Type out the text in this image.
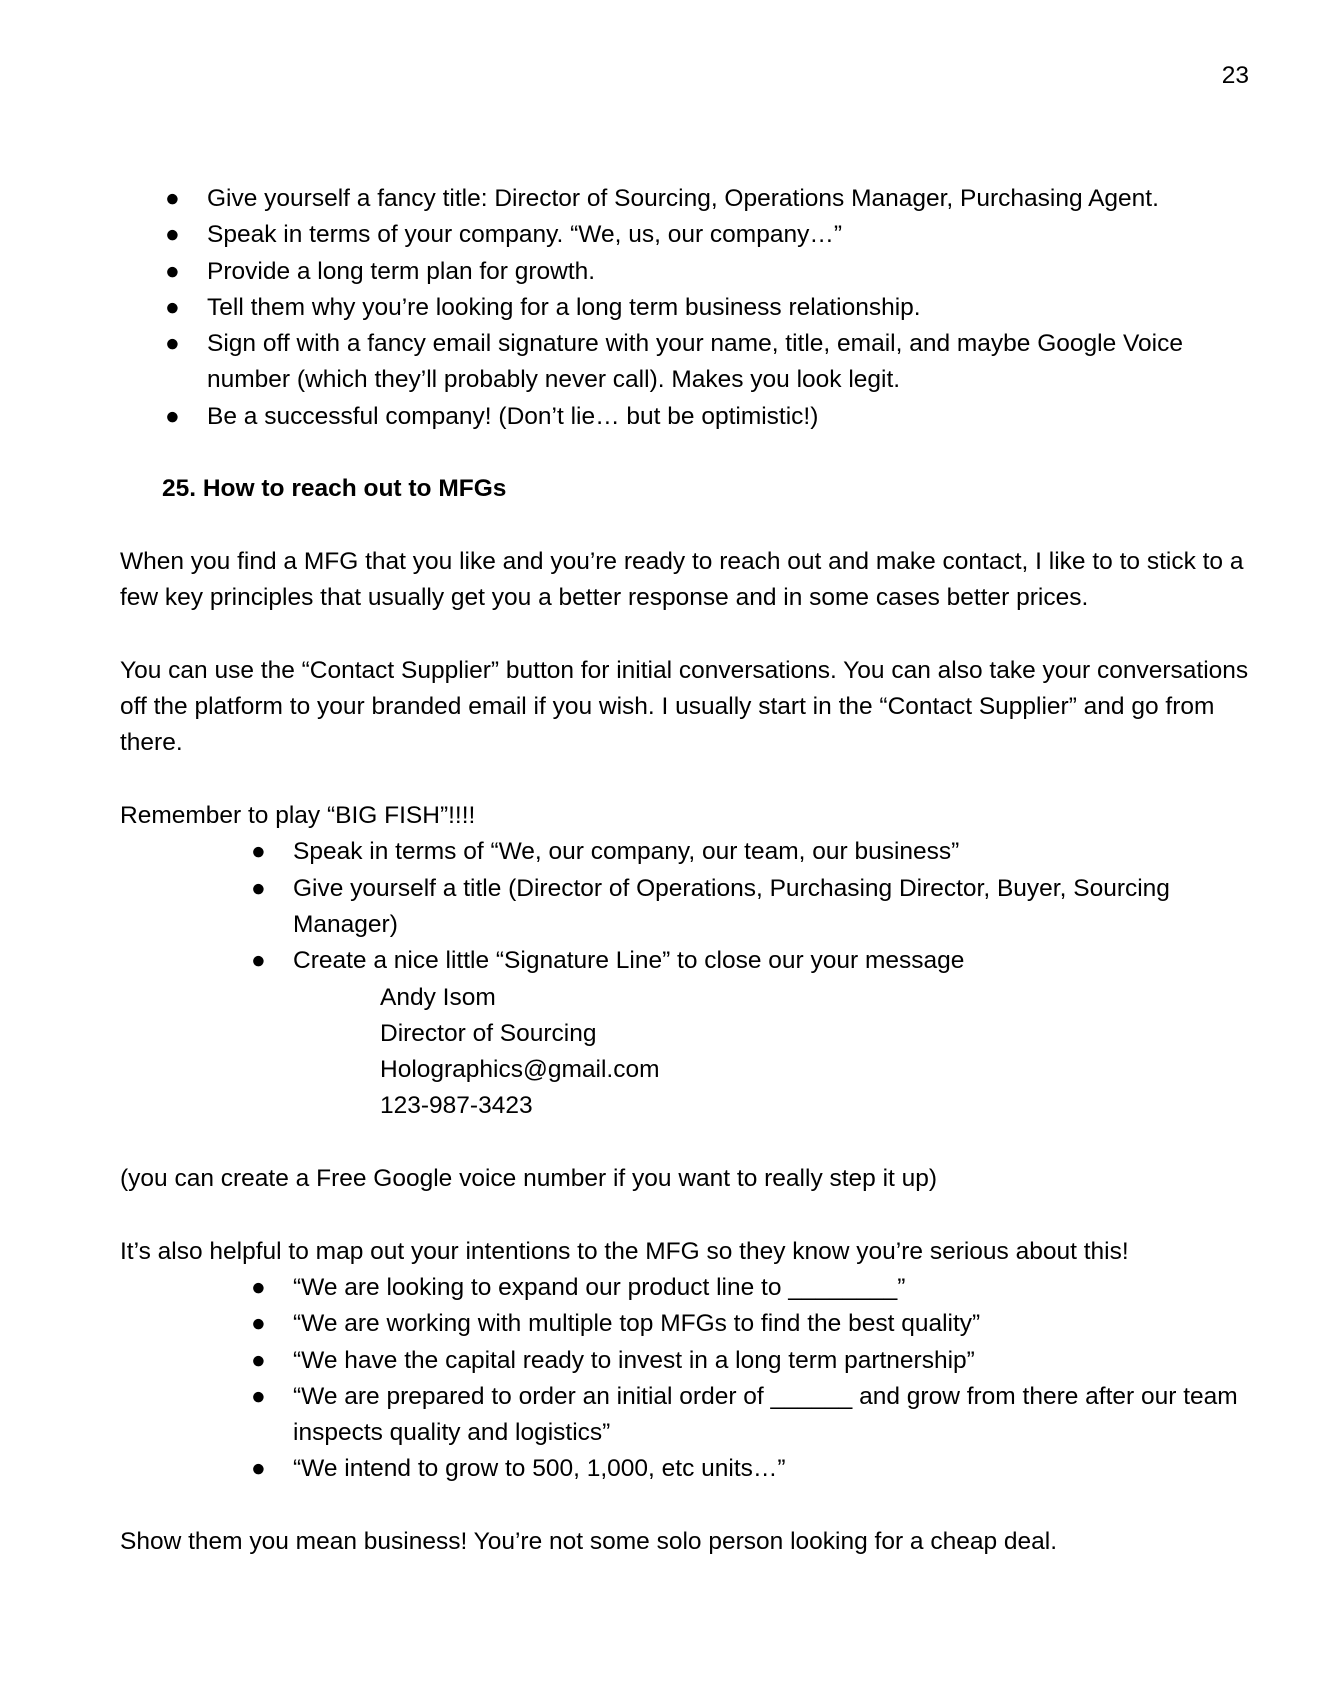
23
● Give yourself a fancy title: Director of Sourcing, Operations Manager, Purchasing Agent.
● Speak in terms of your company. “We, us, our company…”
● Provide a long term plan for growth.
● Tell them why you’re looking for a long term business relationship.
● Sign off with a fancy email signature with your name, title, email, and maybe Google Voice number (which they’ll probably never call). Makes you look legit.
● Be a successful company! (Don’t lie… but be optimistic!)
25. How to reach out to MFGs

When you find a MFG that you like and you’re ready to reach out and make contact, I like to to stick to a few key principles that usually get you a better response and in some cases better prices.

You can use the “Contact Supplier” button for initial conversations. You can also take your conversations off the platform to your branded email if you wish. I usually start in the “Contact Supplier” and go from there.

Remember to play “BIG FISH”!!!!

● Speak in terms of “We, our company, our team, our business”
● Give yourself a title (Director of Operations, Purchasing Director, Buyer, Sourcing Manager)
● Create a nice little “Signature Line” to close our your message
Andy Isom
Director of Sourcing
Holographics@gmail.com
123-987-3423

(you can create a Free Google voice number if you want to really step it up)

It’s also helpful to map out your intentions to the MFG so they know you’re serious about this!

● “We are looking to expand our product line to ________”
● “We are working with multiple top MFGs to find the best quality”
● “We have the capital ready to invest in a long term partnership”
● “We are prepared to order an initial order of ______ and grow from there after our team inspects quality and logistics”
● “We intend to grow to 500, 1,000, etc units…”

Show them you mean business! You’re not some solo person looking for a cheap deal.
